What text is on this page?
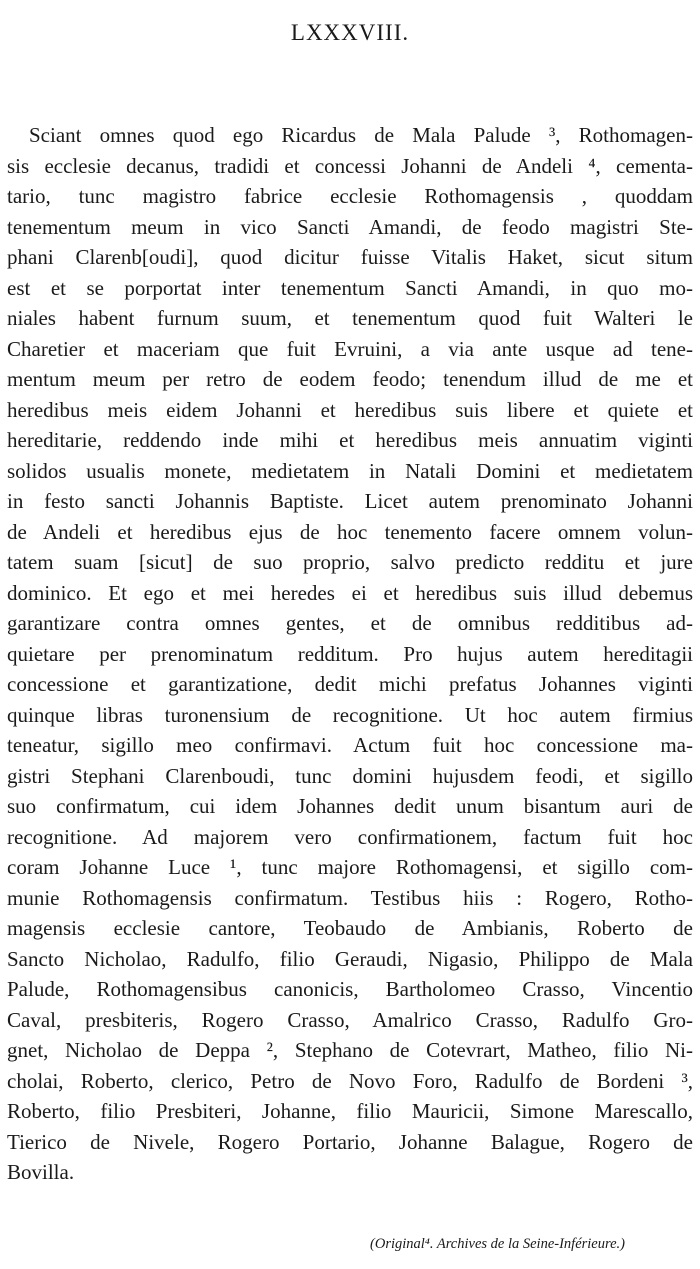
LXXXVIII.
Sciant omnes quod ego Ricardus de Mala Palude ³, Rothomagen-
sis ecclesie decanus, tradidi et concessi Johanni de Andeli ⁴, cementa-
tario, tunc magistro fabrice ecclesie Rothomagensis , quoddam
tenementum meum in vico Sancti Amandi, de feodo magistri Ste-
phani Clarenb[oudi], quod dicitur fuisse Vitalis Haket, sicut situm
est et se porportat inter tenementum Sancti Amandi, in quo mo-
niales habent furnum suum, et tenementum quod fuit Walteri le
Charetier et maceriam que fuit Evruini, a via ante usque ad tene-
mentum meum per retro de eodem feodo; tenendum illud de me et
heredibus meis eidem Johanni et heredibus suis libere et quiete et
hereditarie, reddendo inde mihi et heredibus meis annuatim viginti
solidos usualis monete, medietatem in Natali Domini et medietatem
in festo sancti Johannis Baptiste. Licet autem prenominato Johanni
de Andeli et heredibus ejus de hoc tenemento facere omnem volun-
tatem suam [sicut] de suo proprio, salvo predicto redditu et jure
dominico. Et ego et mei heredes ei et heredibus suis illud debemus
garantizare contra omnes gentes, et de omnibus redditibus ad-
quietare per prenominatum redditum. Pro hujus autem hereditagii
concessione et garantizatione, dedit michi prefatus Johannes viginti
quinque libras turonensium de recognitione. Ut hoc autem firmius
teneatur, sigillo meo confirmavi. Actum fuit hoc concessione ma-
gistri Stephani Clarenboudi, tunc domini hujusdem feodi, et sigillo
suo confirmatum, cui idem Johannes dedit unum bisantum auri de
recognitione. Ad majorem vero confirmationem, factum fuit hoc
coram Johanne Luce ¹, tunc majore Rothomagensi, et sigillo com-
munie Rothomagensis confirmatum. Testibus hiis : Rogero, Rotho-
magensis ecclesie cantore, Teobaudo de Ambianis, Roberto de
Sancto Nicholao, Radulfo, filio Geraudi, Nigasio, Philippo de Mala
Palude, Rothomagensibus canonicis, Bartholomeo Crasso, Vincentio
Caval, presbiteris, Rogero Crasso, Amalrico Crasso, Radulfo Gro-
gnet, Nicholao de Deppa ², Stephano de Cotevrart, Matheo, filio Ni-
cholai, Roberto, clerico, Petro de Novo Foro, Radulfo de Bordeni ³,
Roberto, filio Presbiteri, Johanne, filio Mauricii, Simone Marescallo,
Tierico de Nivele, Rogero Portario, Johanne Balague, Rogero de
Bovilla.
(Original⁴. Archives de la Seine-Inférieure.)
